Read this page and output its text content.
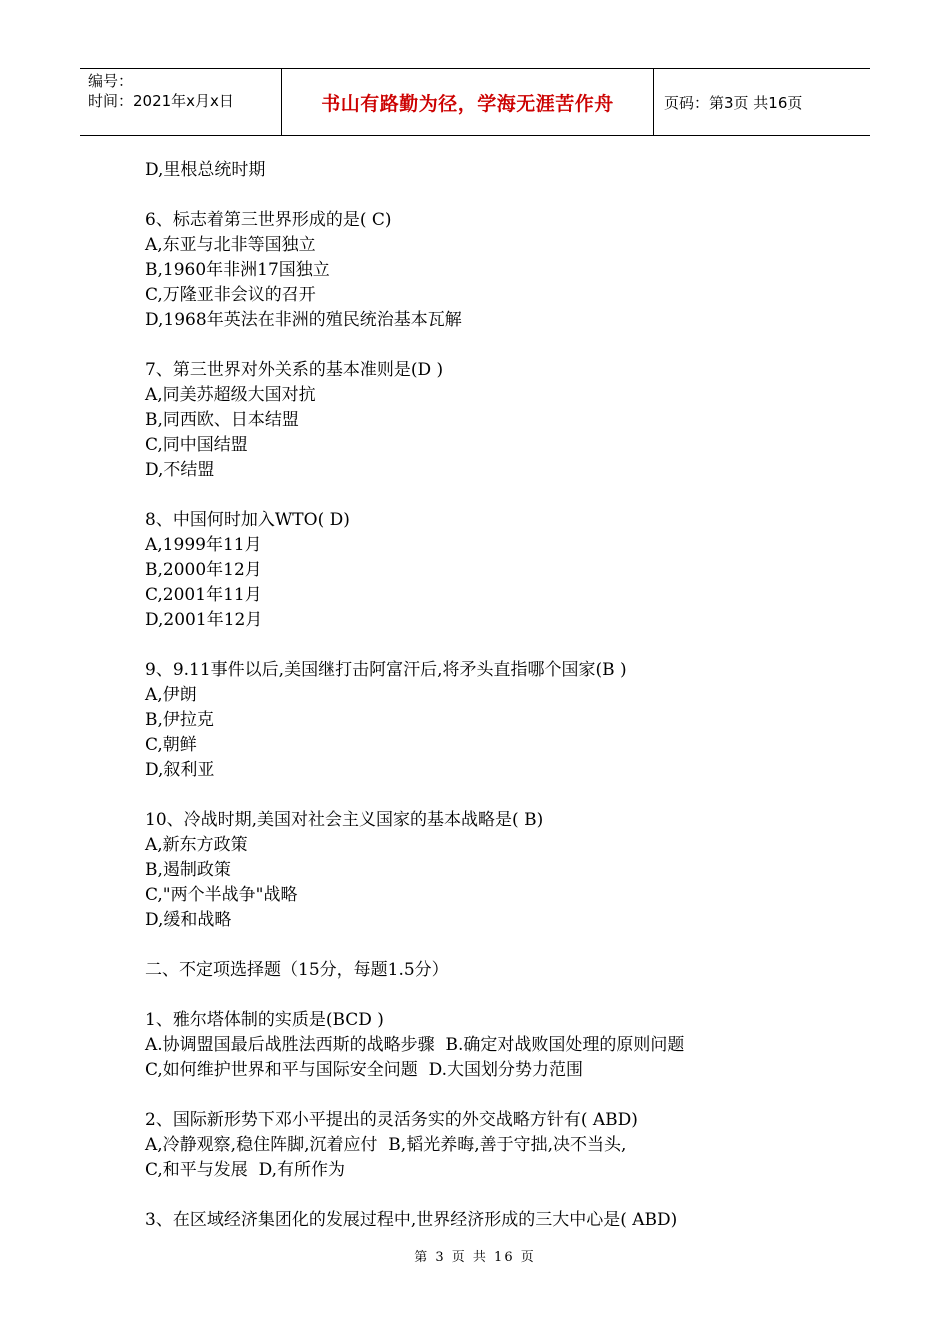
编号：
时间：2021年x月x日	书山有路勤为径，学海无涯苦作舟	页码：第3页 共16页
D,里根总统时期
6、标志着第三世界形成的是( C)
A,东亚与北非等国独立
B,1960年非洲17国独立
C,万隆亚非会议的召开
D,1968年英法在非洲的殖民统治基本瓦解
7、第三世界对外关系的基本准则是(D )
A,同美苏超级大国对抗
B,同西欧、日本结盟
C,同中国结盟
D,不结盟
8、中国何时加入WTO( D)
A,1999年11月
B,2000年12月
C,2001年11月
D,2001年12月
9、9.11事件以后,美国继打击阿富汗后,将矛头直指哪个国家(B )
A,伊朗
B,伊拉克
C,朝鲜
D,叙利亚
10、冷战时期,美国对社会主义国家的基本战略是( B)
A,新东方政策
B,遏制政策
C,"两个半战争"战略
D,缓和战略
二、不定项选择题（15分，每题1.5分）
1、雅尔塔体制的实质是(BCD )
A.协调盟国最后战胜法西斯的战略步骤  B.确定对战败国处理的原则问题
C,如何维护世界和平与国际安全问题  D.大国划分势力范围
2、国际新形势下邓小平提出的灵活务实的外交战略方针有( ABD)
A,冷静观察,稳住阵脚,沉着应付  B,韬光养晦,善于守拙,决不当头,
C,和平与发展  D,有所作为
3、在区域经济集团化的发展过程中,世界经济形成的三大中心是( ABD)
第 3 页 共 16 页
